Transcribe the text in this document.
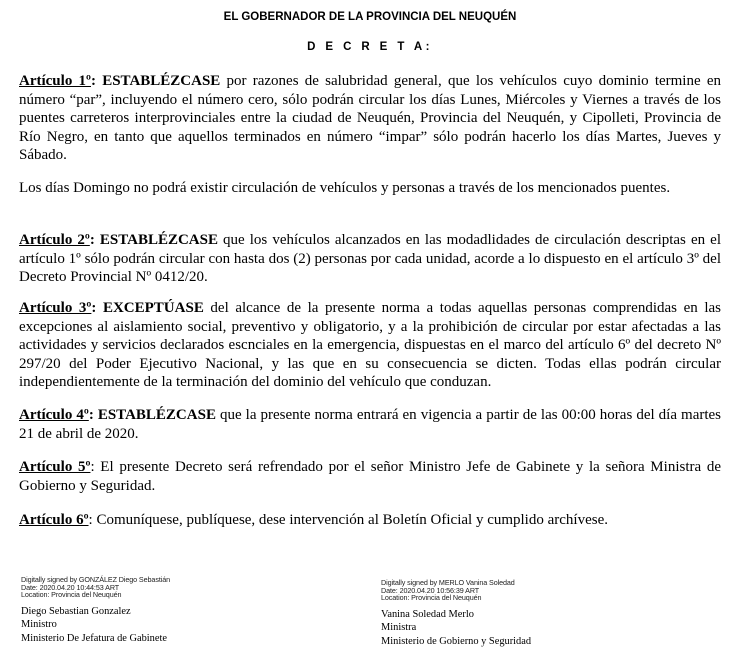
EL GOBERNADOR DE LA PROVINCIA DEL NEUQUÉN
D E C R E T A:

Artículo 1º: ESTABLÉZCASE por razones de salubridad general, que los vehículos cuyo dominio termine en número “par”, incluyendo el número cero, sólo podrán circular los días Lunes, Miércoles y Viernes a través de los puentes carreteros interprovinciales entre la ciudad de Neuquén, Provincia del Neuquén, y Cipolleti, Provincia de Río Negro, en tanto que aquellos terminados en número “impar” sólo podrán hacerlo los días Martes, Jueves y Sábado.

Los días Domingo no podrá existir circulación de vehículos y personas a través de los mencionados puentes.

Artículo 2º: ESTABLÉZCASE que los vehículos alcanzados en las modadlidades de circulación descriptas en el artículo 1º sólo podrán circular con hasta dos (2) personas por cada unidad, acorde a lo dispuesto en el artículo 3º del Decreto Provincial Nº 0412/20.

Artículo 3º: EXCEPTÚASE del alcance de la presente norma a todas aquellas personas comprendidas en las excepciones al aislamiento social, preventivo y obligatorio, y a la prohibición de circular por estar afectadas a las actividades y servicios declarados escnciales en la emergencia, dispuestas en el marco del artículo 6º del decreto Nº 297/20 del Poder Ejecutivo Nacional, y las que en su consecuencia se dicten. Todas ellas podrán circular independientemente de la terminación del dominio del vehículo que conduzan.

Artículo 4º: ESTABLÉZCASE que la presente norma entrará en vigencia a partir de las 00:00 horas del día martes 21 de abril de 2020.

Artículo 5º: El presente Decreto será refrendado por el señor Ministro Jefe de Gabinete y la señora Ministra de Gobierno y Seguridad.

Artículo 6º: Comuníquese, publíquese, dese intervención al Boletín Oficial y cumplido archívese.

Digitally signed by GONZÁLEZ Diego Sebastián
Date: 2020.04.20 10:44:53 ART
Location: Provincia del Neuquén
Diego Sebastian Gonzalez
Ministro
Ministerio De Jefatura de Gabinete
Digitally signed by MERLO Vanina Soledad
Date: 2020.04.20 10:56:39 ART
Location: Provincia del Neuquén
Vanina Soledad Merlo
Ministra
Ministerio de Gobierno y Seguridad
